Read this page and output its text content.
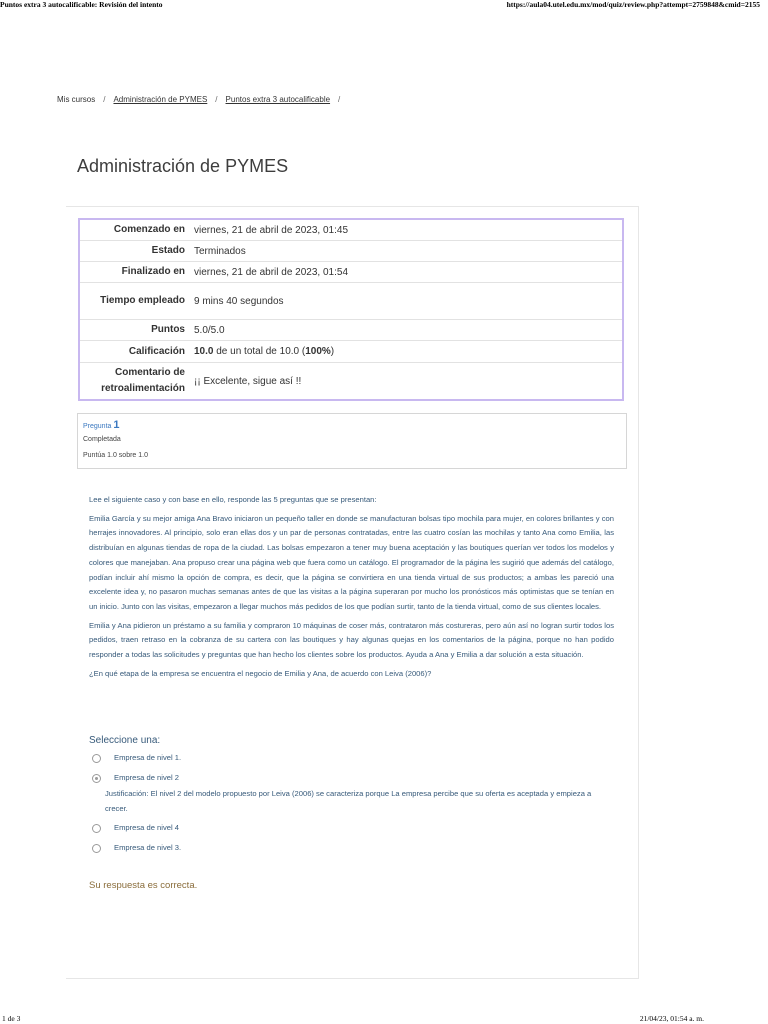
Puntos extra 3 autocalificable: Revisión del intento	https://aula04.utel.edu.mx/mod/quiz/review.php?attempt=2759848&cmid=2155
Mis cursos / Administración de PYMES / Puntos extra 3 autocalificable /
Administración de PYMES
Comenzado en	viernes, 21 de abril de 2023, 01:45
Estado	Terminados
Finalizado en	viernes, 21 de abril de 2023, 01:54
Tiempo empleado	9 mins 40 segundos
Puntos	5.0/5.0
Calificación	10.0 de un total de 10.0 (100%)
Comentario de retroalimentación	¡¡ Excelente, sigue así !!
Pregunta 1
Completada
Puntúa 1.0 sobre 1.0

Lee el siguiente caso y con base en ello, responde las 5 preguntas que se presentan:

Emilia García y su mejor amiga Ana Bravo iniciaron un pequeño taller en donde se manufacturan bolsas tipo mochila para mujer, en colores brillantes y con herrajes innovadores. Al principio, solo eran ellas dos y un par de personas contratadas, entre las cuatro cosían las mochilas y tanto Ana como Emilia, las distribuían en algunas tiendas de ropa de la ciudad. Las bolsas empezaron a tener muy buena aceptación y las boutiques querían ver todos los modelos y colores que manejaban. Ana propuso crear una página web que fuera como un catálogo. El programador de la página les sugirió que además del catálogo, podían incluir ahí mismo la opción de compra, es decir, que la página se convirtiera en una tienda virtual de sus productos; a ambas les pareció una excelente idea y, no pasaron muchas semanas antes de que las visitas a la página superaran por mucho los pronósticos más optimistas que se tenían en un inicio. Junto con las visitas, empezaron a llegar muchos más pedidos de los que podían surtir, tanto de la tienda virtual, como de sus clientes locales.

Emilia y Ana pidieron un préstamo a su familia y compraron 10 máquinas de coser más, contrataron más costureras, pero aún así no logran surtir todos los pedidos, traen retraso en la cobranza de su cartera con las boutiques y hay algunas quejas en los comentarios de la página, porque no han podido responder a todas las solicitudes y preguntas que han hecho los clientes sobre los productos. Ayuda a Ana y Emilia a dar solución a esta situación.

¿En qué etapa de la empresa se encuentra el negocio de Emilia y Ana, de acuerdo con Leiva (2006)?

Seleccione una:
Empresa de nivel 1.
Empresa de nivel 2
Justificación: El nivel 2 del modelo propuesto por Leiva (2006) se caracteriza porque La empresa percibe que su oferta es aceptada y empieza a crecer.
Empresa de nivel 4
Empresa de nivel 3.
Su respuesta es correcta.
1 de 3	21/04/23, 01:54 a. m.
